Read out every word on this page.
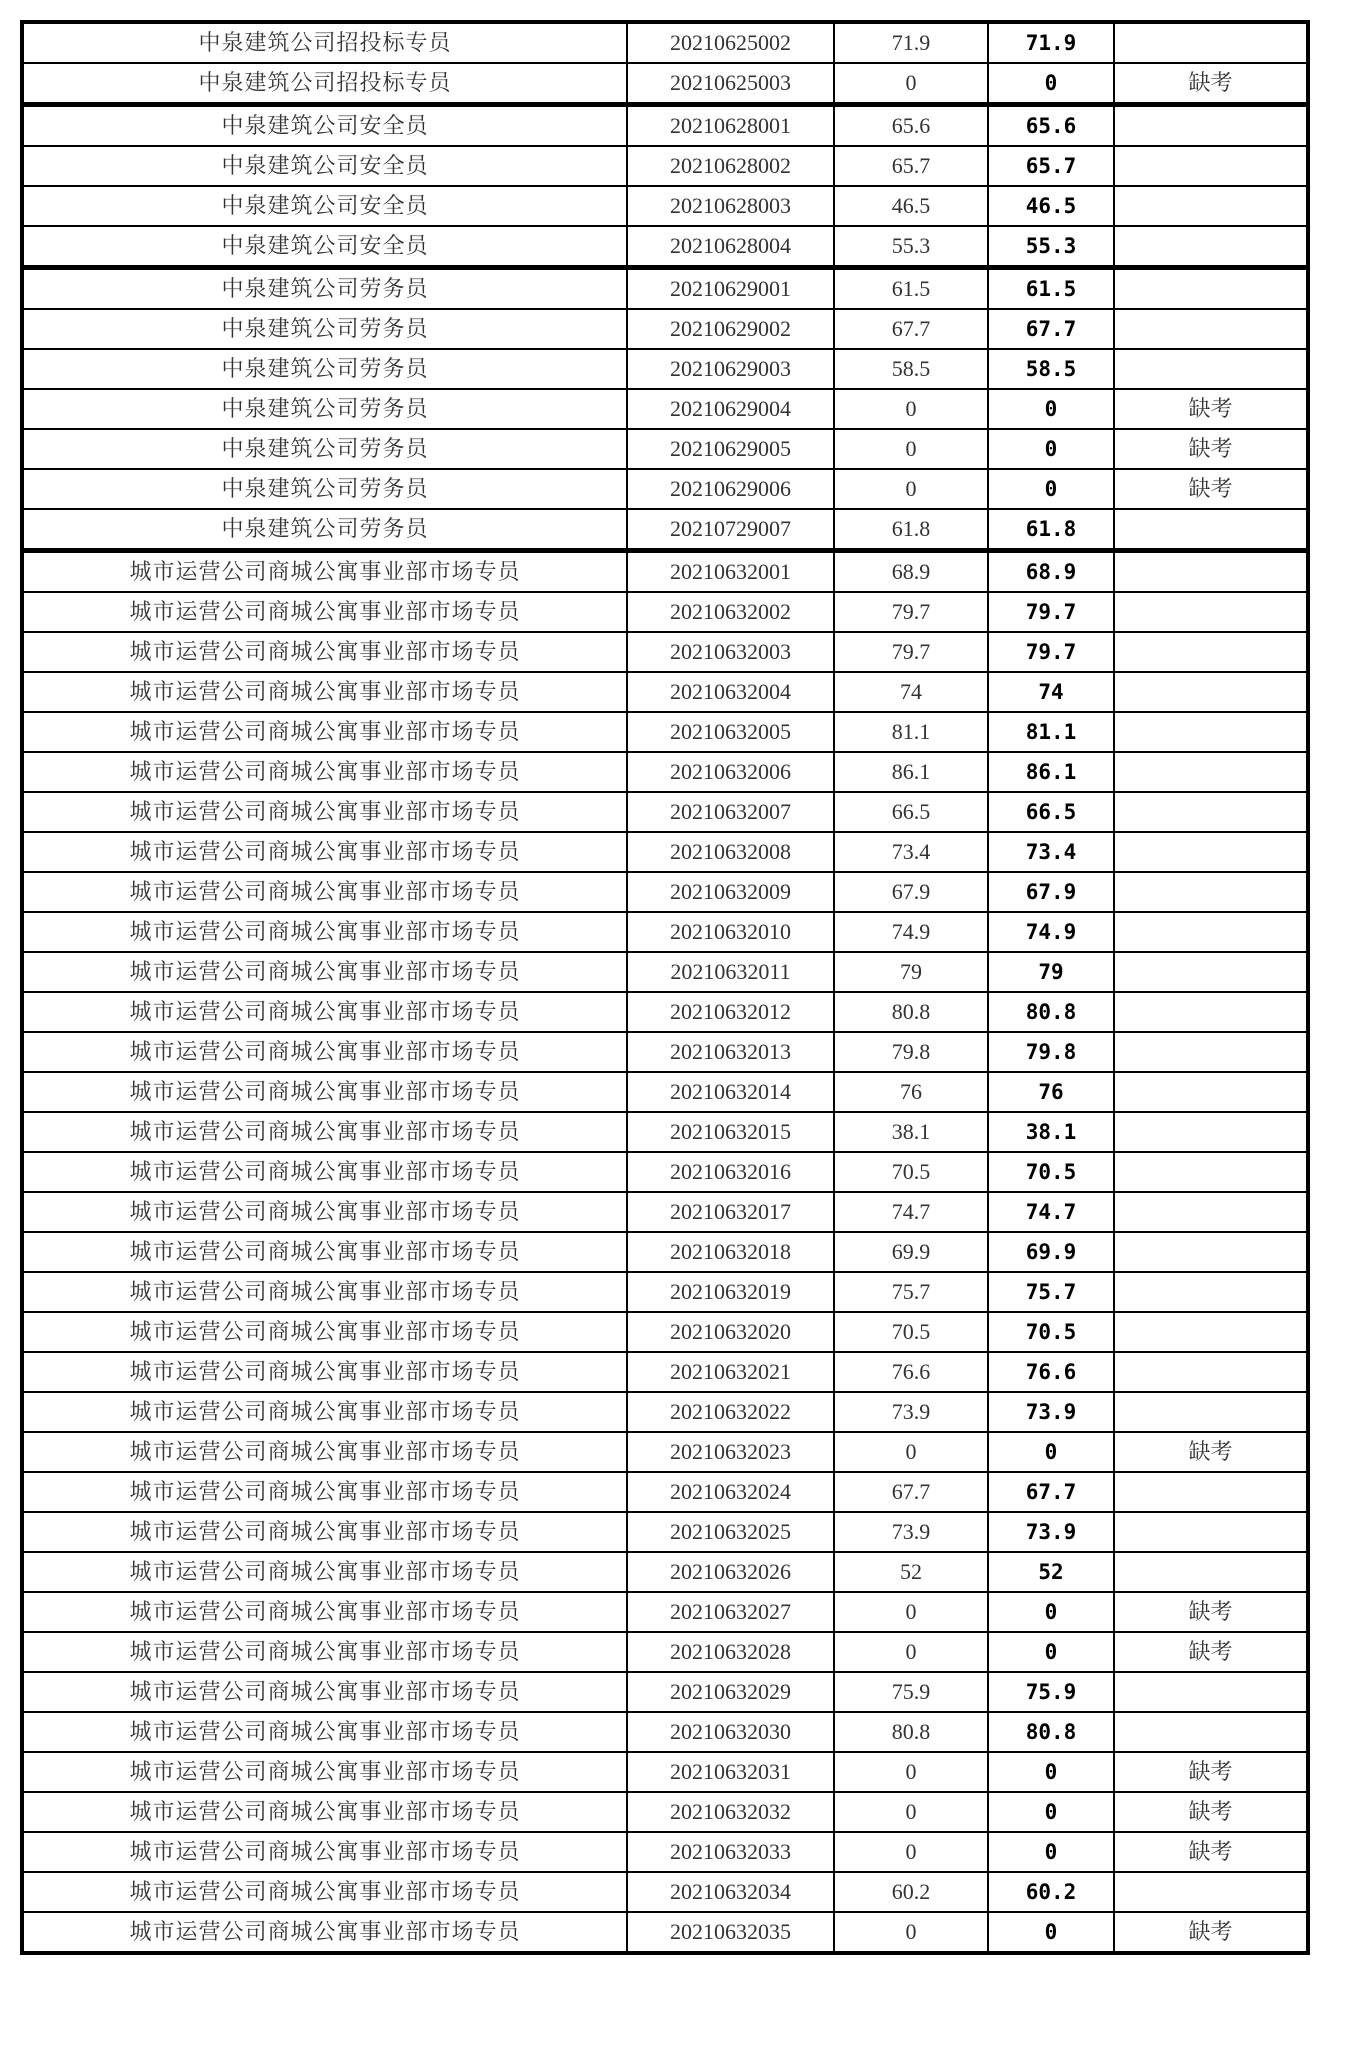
中泉建筑公司招投标专员	20210625002	71.9	71.9	
中泉建筑公司招投标专员	20210625003	0	0	缺考
中泉建筑公司安全员	20210628001	65.6	65.6	
中泉建筑公司安全员	20210628002	65.7	65.7	
中泉建筑公司安全员	20210628003	46.5	46.5	
中泉建筑公司安全员	20210628004	55.3	55.3	
中泉建筑公司劳务员	20210629001	61.5	61.5	
中泉建筑公司劳务员	20210629002	67.7	67.7	
中泉建筑公司劳务员	20210629003	58.5	58.5	
中泉建筑公司劳务员	20210629004	0	0	缺考
中泉建筑公司劳务员	20210629005	0	0	缺考
中泉建筑公司劳务员	20210629006	0	0	缺考
中泉建筑公司劳务员	20210729007	61.8	61.8	
城市运营公司商城公寓事业部市场专员	20210632001	68.9	68.9	
城市运营公司商城公寓事业部市场专员	20210632002	79.7	79.7	
城市运营公司商城公寓事业部市场专员	20210632003	79.7	79.7	
城市运营公司商城公寓事业部市场专员	20210632004	74	74	
城市运营公司商城公寓事业部市场专员	20210632005	81.1	81.1	
城市运营公司商城公寓事业部市场专员	20210632006	86.1	86.1	
城市运营公司商城公寓事业部市场专员	20210632007	66.5	66.5	
城市运营公司商城公寓事业部市场专员	20210632008	73.4	73.4	
城市运营公司商城公寓事业部市场专员	20210632009	67.9	67.9	
城市运营公司商城公寓事业部市场专员	20210632010	74.9	74.9	
城市运营公司商城公寓事业部市场专员	20210632011	79	79	
城市运营公司商城公寓事业部市场专员	20210632012	80.8	80.8	
城市运营公司商城公寓事业部市场专员	20210632013	79.8	79.8	
城市运营公司商城公寓事业部市场专员	20210632014	76	76	
城市运营公司商城公寓事业部市场专员	20210632015	38.1	38.1	
城市运营公司商城公寓事业部市场专员	20210632016	70.5	70.5	
城市运营公司商城公寓事业部市场专员	20210632017	74.7	74.7	
城市运营公司商城公寓事业部市场专员	20210632018	69.9	69.9	
城市运营公司商城公寓事业部市场专员	20210632019	75.7	75.7	
城市运营公司商城公寓事业部市场专员	20210632020	70.5	70.5	
城市运营公司商城公寓事业部市场专员	20210632021	76.6	76.6	
城市运营公司商城公寓事业部市场专员	20210632022	73.9	73.9	
城市运营公司商城公寓事业部市场专员	20210632023	0	0	缺考
城市运营公司商城公寓事业部市场专员	20210632024	67.7	67.7	
城市运营公司商城公寓事业部市场专员	20210632025	73.9	73.9	
城市运营公司商城公寓事业部市场专员	20210632026	52	52	
城市运营公司商城公寓事业部市场专员	20210632027	0	0	缺考
城市运营公司商城公寓事业部市场专员	20210632028	0	0	缺考
城市运营公司商城公寓事业部市场专员	20210632029	75.9	75.9	
城市运营公司商城公寓事业部市场专员	20210632030	80.8	80.8	
城市运营公司商城公寓事业部市场专员	20210632031	0	0	缺考
城市运营公司商城公寓事业部市场专员	20210632032	0	0	缺考
城市运营公司商城公寓事业部市场专员	20210632033	0	0	缺考
城市运营公司商城公寓事业部市场专员	20210632034	60.2	60.2	
城市运营公司商城公寓事业部市场专员	20210632035	0	0	缺考
